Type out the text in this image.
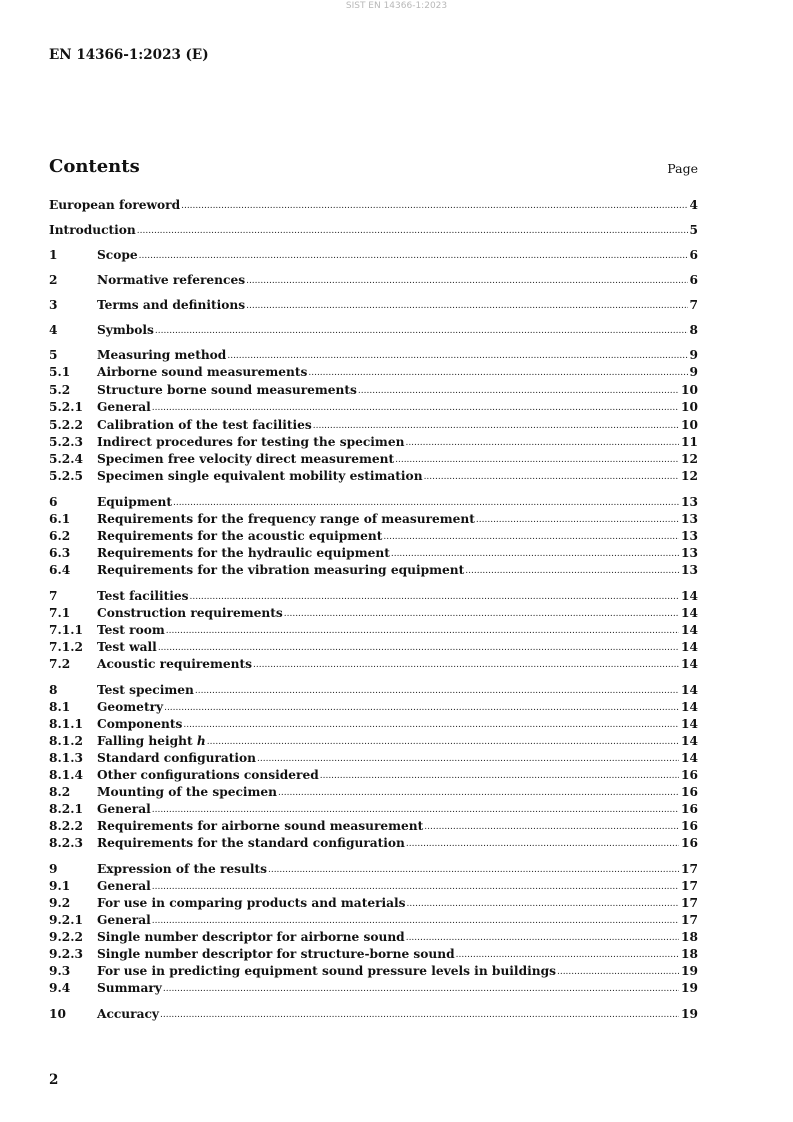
SIST EN 14366-1:2023
EN 14366-1:2023 (E)
Contents	Page
European foreword .....	4
Introduction .....	5
1	Scope .....	6
2	Normative references .....	6
3	Terms and definitions .....	7
4	Symbols .....	8
5	Measuring method .....	9
5.1	Airborne sound measurements .....	9
5.2	Structure borne sound measurements .....	10
5.2.1	General .....	10
5.2.2	Calibration of the test facilities .....	10
5.2.3	Indirect procedures for testing the specimen .....	11
5.2.4	Specimen free velocity direct measurement .....	12
5.2.5	Specimen single equivalent mobility estimation .....	12
6	Equipment .....	13
6.1	Requirements for the frequency range of measurement .....	13
6.2	Requirements for the acoustic equipment .....	13
6.3	Requirements for the hydraulic equipment .....	13
6.4	Requirements for the vibration measuring equipment .....	13
7	Test facilities .....	14
7.1	Construction requirements .....	14
7.1.1	Test room .....	14
7.1.2	Test wall .....	14
7.2	Acoustic requirements .....	14
8	Test specimen .....	14
8.1	Geometry .....	14
8.1.1	Components .....	14
8.1.2	Falling height h .....	14
8.1.3	Standard configuration .....	14
8.1.4	Other configurations considered .....	16
8.2	Mounting of the specimen .....	16
8.2.1	General .....	16
8.2.2	Requirements for airborne sound measurement .....	16
8.2.3	Requirements for the standard configuration .....	16
9	Expression of the results .....	17
9.1	General .....	17
9.2	For use in comparing products and materials .....	17
9.2.1	General .....	17
9.2.2	Single number descriptor for airborne sound .....	18
9.2.3	Single number descriptor for structure-borne sound .....	18
9.3	For use in predicting equipment sound pressure levels in buildings .....	19
9.4	Summary .....	19
10	Accuracy .....	19
2
